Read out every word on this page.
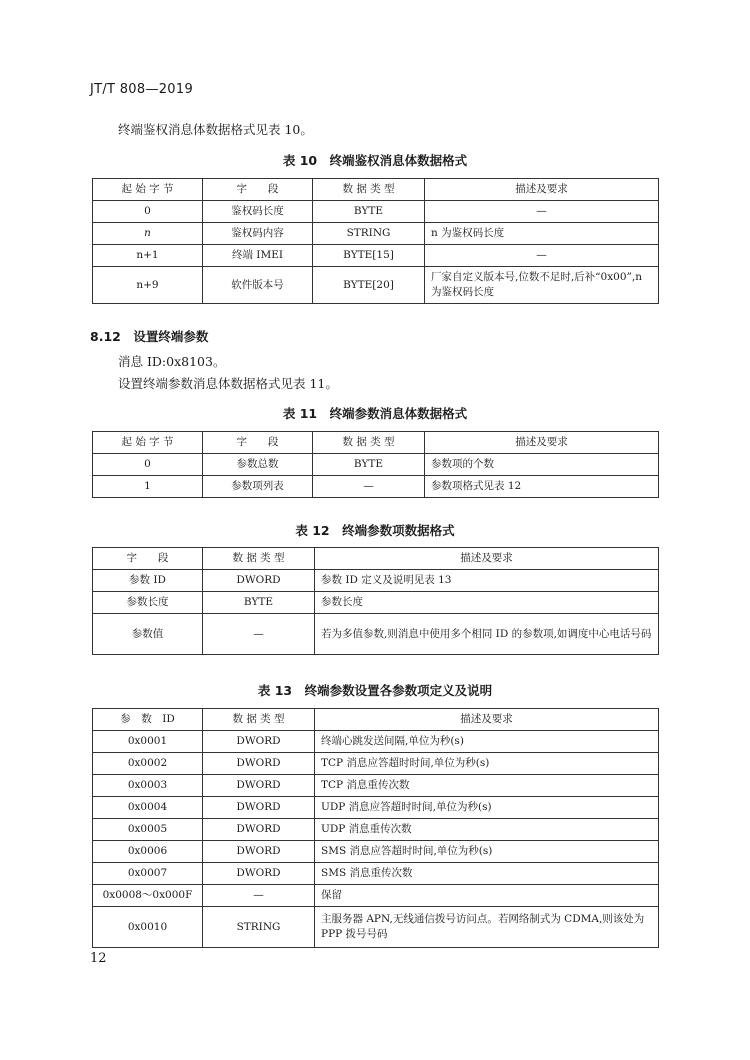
JT/T 808—2019
终端鉴权消息体数据格式见表 10。
表 10　终端鉴权消息体数据格式
起 始 字 节	字　　段	数 据 类 型	描述及要求
0	鉴权码长度	BYTE	—
n	鉴权码内容	STRING	n 为鉴权码长度
n+1	终端 IMEI	BYTE[15]	—
n+9	软件版本号	BYTE[20]	厂家自定义版本号,位数不足时,后补“0x00”,n 为鉴权码长度
8.12　设置终端参数
消息 ID:0x8103。
设置终端参数消息体数据格式见表 11。
表 11　终端参数消息体数据格式
起 始 字 节	字　　段	数 据 类 型	描述及要求
0	参数总数	BYTE	参数项的个数
1	参数项列表	—	参数项格式见表 12
表 12　终端参数项数据格式
字　　段	数 据 类 型	描述及要求
参数 ID	DWORD	参数 ID 定义及说明见表 13
参数长度	BYTE	参数长度
参数值	—	若为多值参数,则消息中使用多个相同 ID 的参数项,如调度中心电话号码
表 13　终端参数设置各参数项定义及说明
参　数　ID	数 据 类 型	描述及要求
0x0001	DWORD	终端心跳发送间隔,单位为秒(s)
0x0002	DWORD	TCP 消息应答超时时间,单位为秒(s)
0x0003	DWORD	TCP 消息重传次数
0x0004	DWORD	UDP 消息应答超时时间,单位为秒(s)
0x0005	DWORD	UDP 消息重传次数
0x0006	DWORD	SMS 消息应答超时时间,单位为秒(s)
0x0007	DWORD	SMS 消息重传次数
0x0008～0x000F	—	保留
0x0010	STRING	主服务器 APN,无线通信拨号访问点。若网络制式为 CDMA,则该处为 PPP 拨号号码
12
